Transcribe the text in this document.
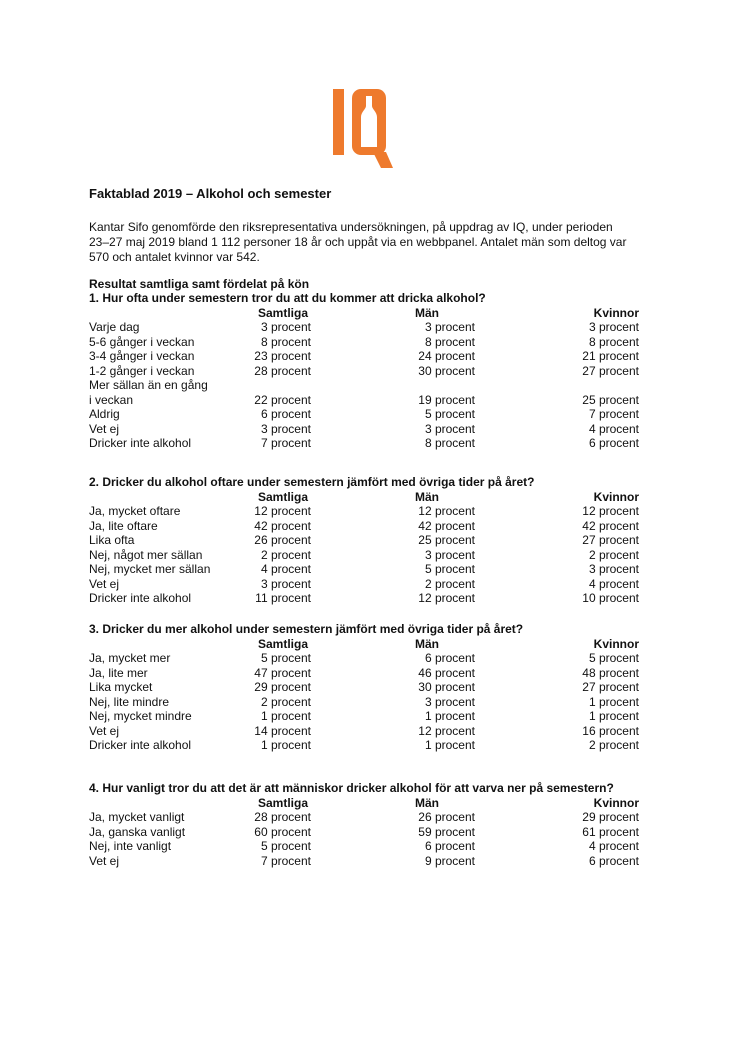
Faktablad 2019 – Alkohol och semester

Kantar Sifo genomförde den riksrepresentativa undersökningen, på uppdrag av IQ, under perioden

23–27 maj 2019 bland 1 112 personer 18 år och uppåt via en webbpanel. Antalet män som deltog var

570 och antalet kvinnor var 542.

Resultat samtliga samt fördelat på kön
1. Hur ofta under semestern tror du att du kommer att dricka alkohol?
Samtliga	Män	Kvinnor
Varje dag	3 procent	3 procent	3 procent
5-6 gånger i veckan	8 procent	8 procent	8 procent
3-4 gånger i veckan	23 procent	24 procent	21 procent
1-2 gånger i veckan	28 procent	30 procent	27 procent
Mer sällan än en gång
i veckan	22 procent	19 procent	25 procent
Aldrig	6 procent	5 procent	7 procent
Vet ej	3 procent	3 procent	4 procent
Dricker inte alkohol	7 procent	8 procent	6 procent
2. Dricker du alkohol oftare under semestern jämfört med övriga tider på året?
Samtliga	Män	Kvinnor
Ja, mycket oftare	12 procent	12 procent	12 procent
Ja, lite oftare	42 procent	42 procent	42 procent
Lika ofta	26 procent	25 procent	27 procent
Nej, något mer sällan	2 procent	3 procent	2 procent
Nej, mycket mer sällan	4 procent	5 procent	3 procent
Vet ej	3 procent	2 procent	4 procent
Dricker inte alkohol	11 procent	12 procent	10 procent
3. Dricker du mer alkohol under semestern jämfört med övriga tider på året?
Samtliga	Män	Kvinnor
Ja, mycket mer	5 procent	6 procent	5 procent
Ja, lite mer	47 procent	46 procent	48 procent
Lika mycket	29 procent	30 procent	27 procent
Nej, lite mindre	2 procent	3 procent	1 procent
Nej, mycket mindre	1 procent	1 procent	1 procent
Vet ej	14 procent	12 procent	16 procent
Dricker inte alkohol	1 procent	1 procent	2 procent
4. Hur vanligt tror du att det är att människor dricker alkohol för att varva ner på semestern?
Samtliga	Män	Kvinnor
Ja, mycket vanligt	28 procent	26 procent	29 procent
Ja, ganska vanligt	60 procent	59 procent	61 procent
Nej, inte vanligt	5 procent	6 procent	4 procent
Vet ej	7 procent	9 procent	6 procent
